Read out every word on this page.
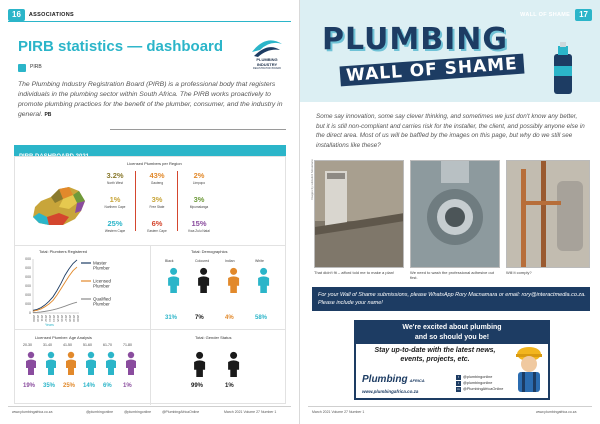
16	ASSOCIATIONS
PIRB statistics — dashboard
PIRB
PLUMBING
INDUSTRY
REGISTRATION BOARD
The Plumbing Industry Registration Board (PIRB) is a professional body that registers individuals in the plumbing sector within South Africa. The PIRB works proactively to promote plumbing practices for the benefit of the plumber, consumer, and the industry in general. PB
Licensed Plumbers per Region
3.2%
North West
43%
Gauteng
2%
Limpopo
1%
Northern Cape
3%
Free State
3%
Mpumalanga
25%
Western Cape
6%
Eastern Cape
15%
Kwa Zulu Natal
Total: Plumbers Registered
0
000
000
000
000
000
000
2009 2010 2011 2012 2013 2014 2015 2016 2017 2018 2019 2020
Master
Plumber
Licensed
Plumber
Qualified
Plumber
Years
Total: Demographics
Licensed Plumber: Age Analysis	Total: Gender Status
Black
31%
Coloured
7%
Indian
4%
White
58%
20-30
19%
31-40
35%
41-50
25%
51-60
14%
61-70
6%
71-80
1%	99%	1%
www.plumbingafrica.co.za	@plumbingonline	@plumbingonline	@PlumbingAfricaOnline	March 2021 Volume 27 Number 1
WALL OF SHAME	17
PLUMBING
WALL OF SHAME
Some say innovation, some say clever thinking, and sometimes we just don't know any better, but it is still non-compliant and carries risk for the installer, the client, and possibly anyone else in the direct area. Most of us will be baffled by the images on this page, but why do we still see installations like these?
Images by wikiwiki1 Mosielane
That didn't fit – afford told me to make a plan!	We need to wash the professional adhesive out first.
Will it comply?

For your Wall of Shame submissions, please WhatsApp Rory Macnamara or email: rory@interactmedia.co.za. Please include your name!

We're excited about plumbing
and so should you be!
Stay up-to-date with the latest news,
events, projects, etc.
Plumbing AFRICA
www.plumbingafrica.co.za
f @plumbingonline
t @plumbingonline
in @PlumbingAfricaOnline
March 2021 Volume 27 Number 1	www.plumbingafrica.co.za
